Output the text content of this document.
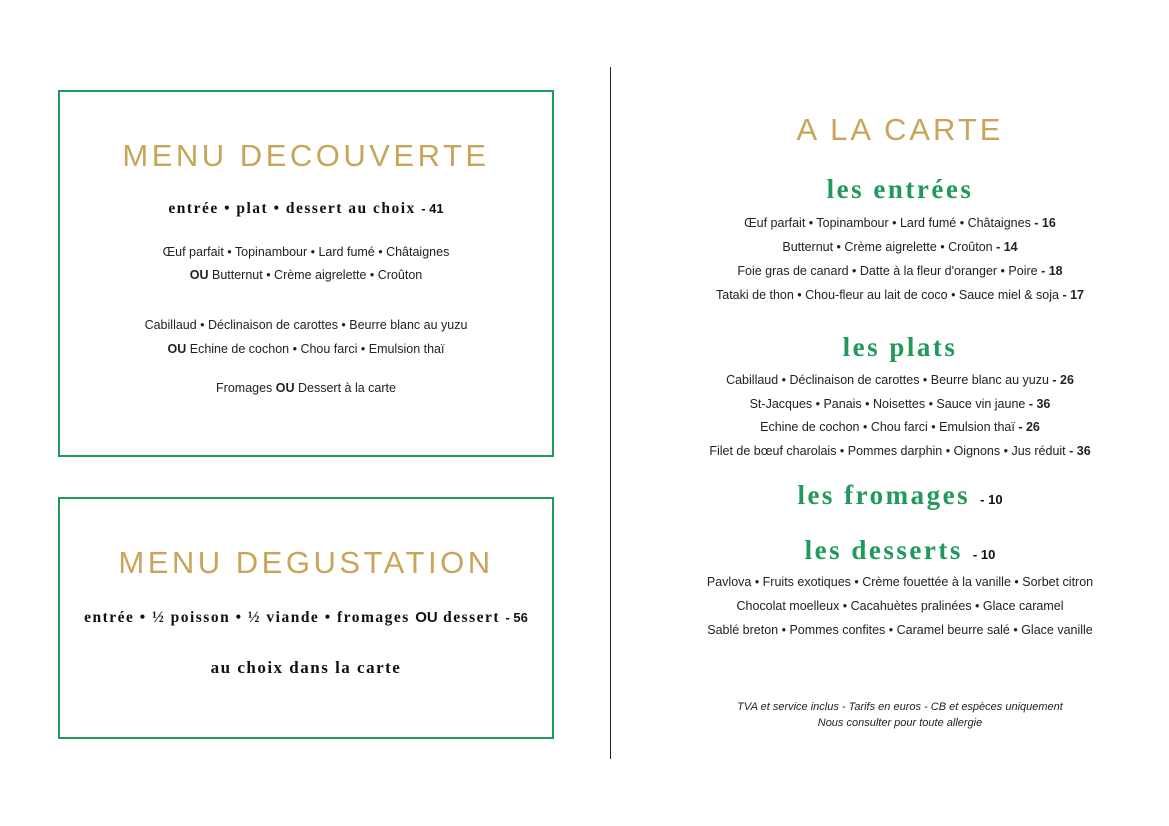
MENU DECOUVERTE
entrée • plat • dessert au choix - 41
Œuf parfait • Topinambour • Lard fumé • Châtaignes
OU Butternut • Crème aigrelette • Croûton
Cabillaud • Déclinaison de carottes • Beurre blanc au yuzu
OU Echine de cochon • Chou farci • Emulsion thaï
Fromages OU Dessert à la carte
MENU DEGUSTATION
entrée • ½ poisson • ½ viande • fromages OU dessert - 56
au choix dans la carte
A LA CARTE
les entrées
Œuf parfait • Topinambour • Lard fumé • Châtaignes - 16
Butternut • Crème aigrelette • Croûton - 14
Foie gras de canard • Datte à la fleur d'oranger • Poire - 18
Tataki de thon • Chou-fleur au lait de coco • Sauce miel & soja - 17
les plats
Cabillaud • Déclinaison de carottes • Beurre blanc au yuzu - 26
St-Jacques • Panais • Noisettes • Sauce vin jaune - 36
Echine de cochon • Chou farci • Emulsion thaï - 26
Filet de bœuf charolais • Pommes darphin • Oignons • Jus réduit - 36
les fromages - 10
les desserts - 10
Pavlova • Fruits exotiques • Crème fouettée à la vanille • Sorbet citron
Chocolat moelleux • Cacahuètes pralinées • Glace caramel
Sablé breton • Pommes confites • Caramel beurre salé • Glace vanille
TVA et service inclus - Tarifs en euros - CB et espèces uniquement
Nous consulter pour toute allergie
